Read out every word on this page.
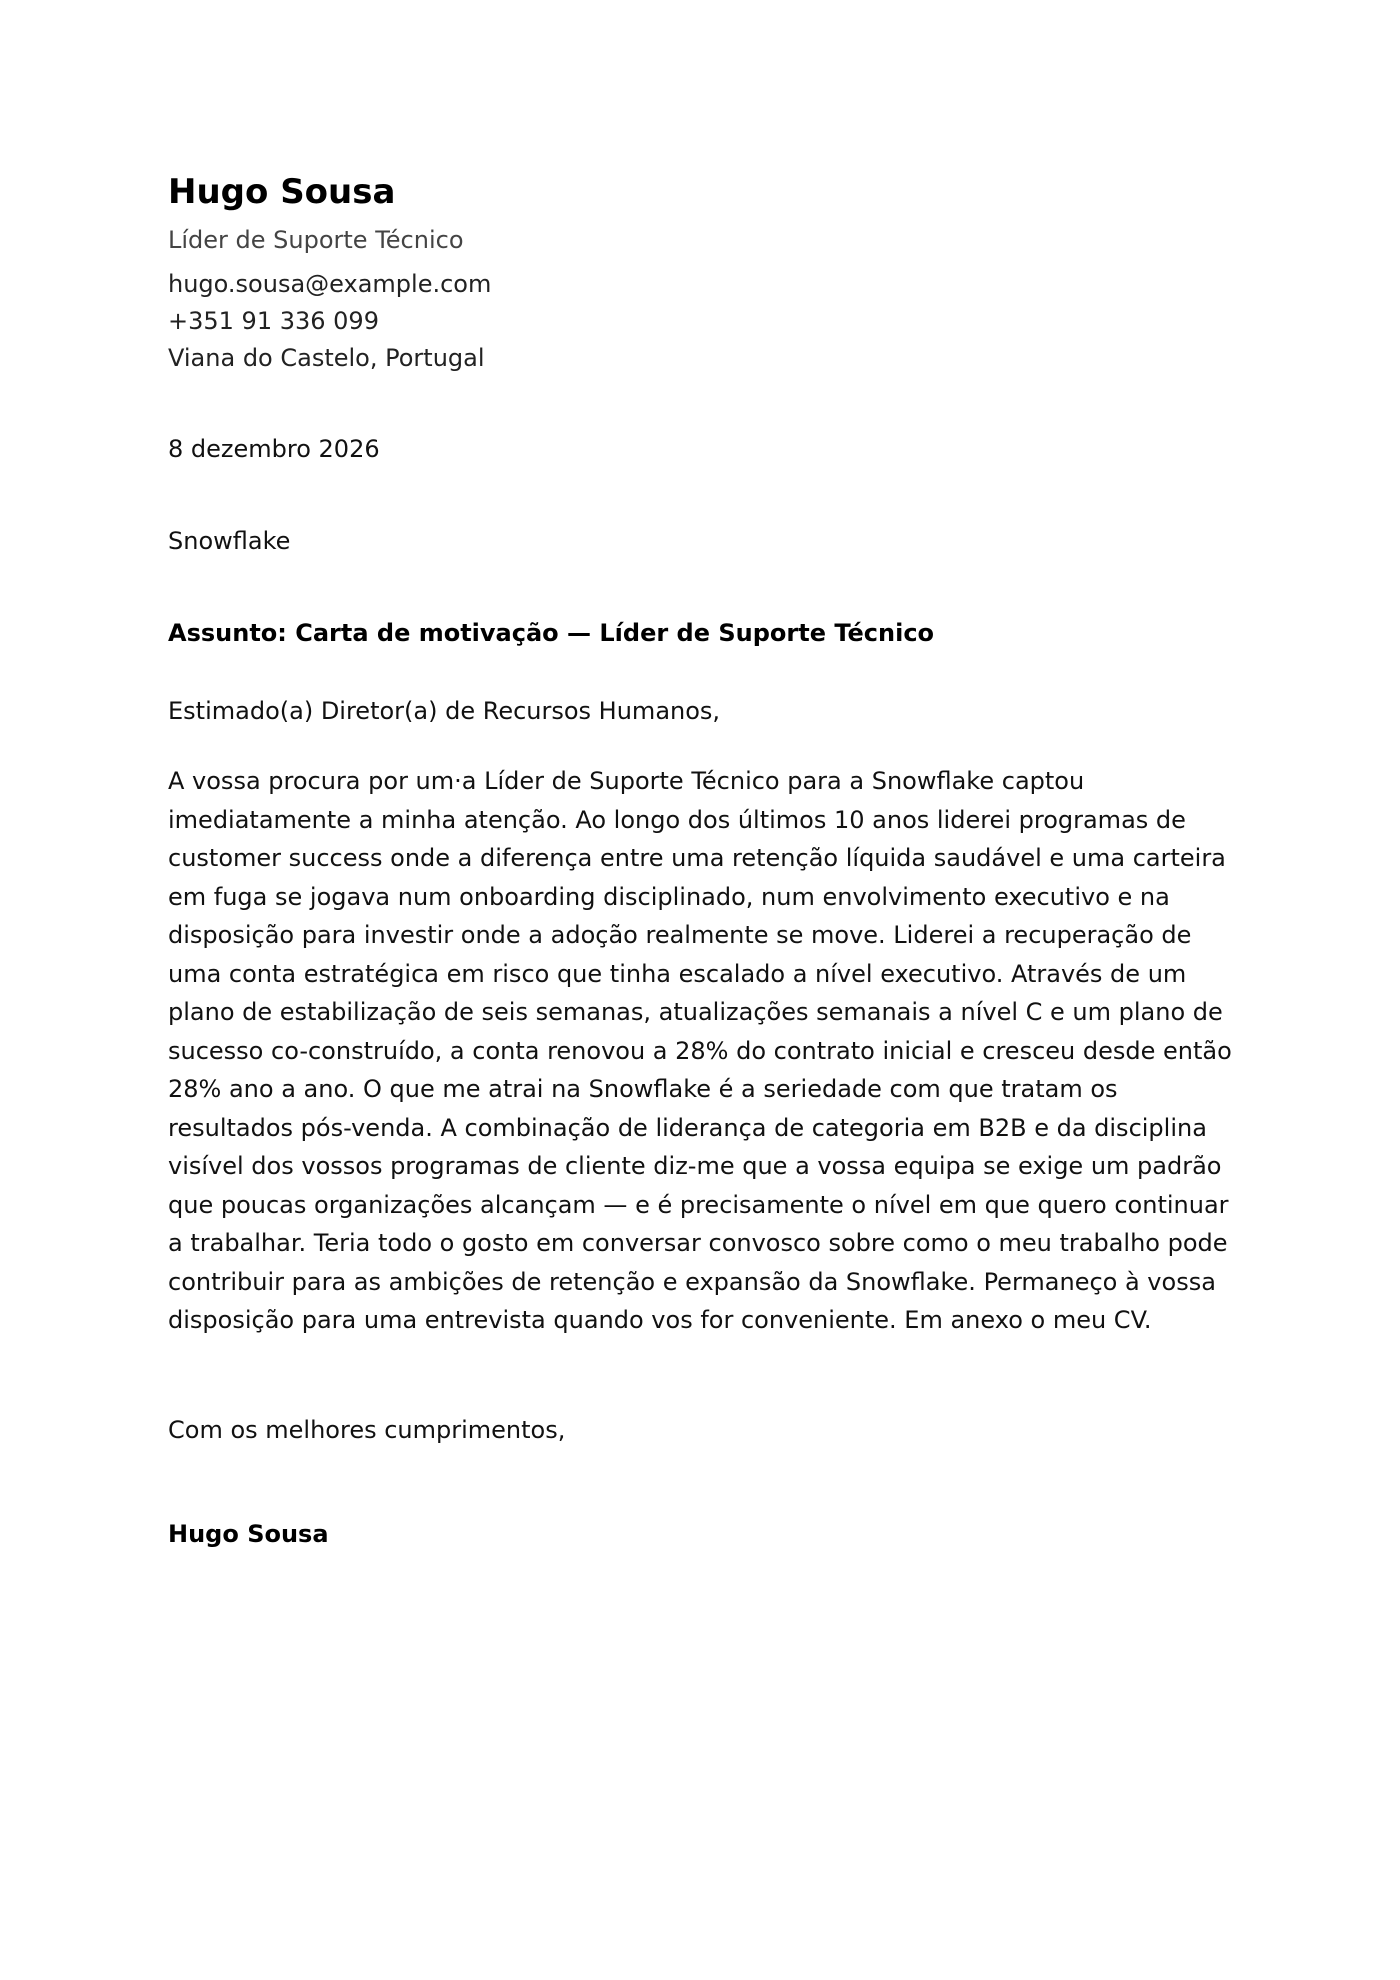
Hugo Sousa
Líder de Suporte Técnico
hugo.sousa@example.com
+351 91 336 099
Viana do Castelo, Portugal
8 dezembro 2026
Snowflake
Assunto: Carta de motivação — Líder de Suporte Técnico
Estimado(a) Diretor(a) de Recursos Humanos,

A vossa procura por um·a Líder de Suporte Técnico para a Snowflake captou imediatamente a minha atenção. Ao longo dos últimos 10 anos liderei programas de customer success onde a diferença entre uma retenção líquida saudável e uma carteira em fuga se jogava num onboarding disciplinado, num envolvimento executivo e na disposição para investir onde a adoção realmente se move. Liderei a recuperação de uma conta estratégica em risco que tinha escalado a nível executivo. Através de um plano de estabilização de seis semanas, atualizações semanais a nível C e um plano de sucesso co-construído, a conta renovou a 28% do contrato inicial e cresceu desde então 28% ano a ano. O que me atrai na Snowflake é a seriedade com que tratam os resultados pós-venda. A combinação de liderança de categoria em B2B e da disciplina visível dos vossos programas de cliente diz-me que a vossa equipa se exige um padrão que poucas organizações alcançam — e é precisamente o nível em que quero continuar a trabalhar. Teria todo o gosto em conversar convosco sobre como o meu trabalho pode contribuir para as ambições de retenção e expansão da Snowflake. Permaneço à vossa disposição para uma entrevista quando vos for conveniente. Em anexo o meu CV.

Com os melhores cumprimentos,
Hugo Sousa
